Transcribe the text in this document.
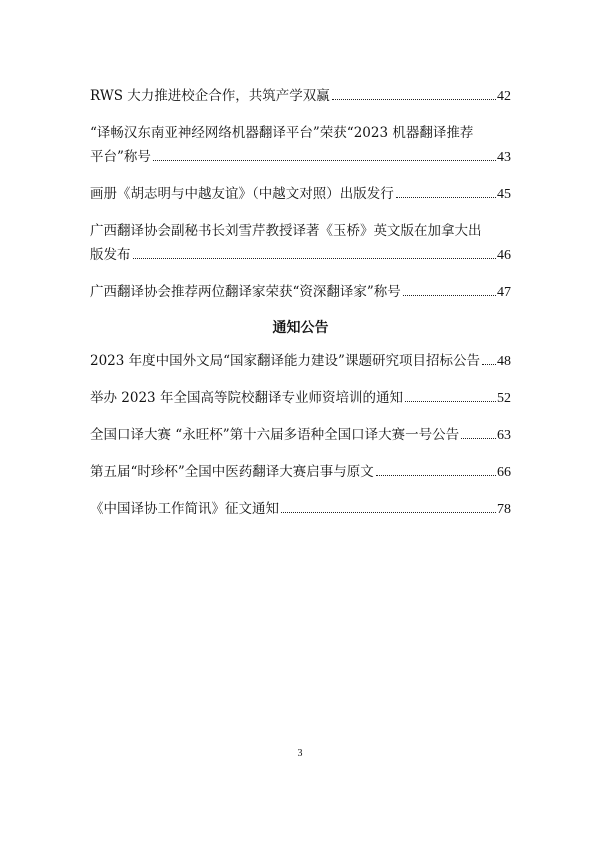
RWS 大力推进校企合作，共筑产学双赢	42
“译畅汉东南亚神经网络机器翻译平台”荣获“2023 机器翻译推荐
平台”称号	43
画册《胡志明与中越友谊》（中越文对照）出版发行	45
广西翻译协会副秘书长刘雪芹教授译著《玉桥》英文版在加拿大出
版发布	46
广西翻译协会推荐两位翻译家荣获“资深翻译家”称号	47
通知公告
2023 年度中国外文局“国家翻译能力建设”课题研究项目招标公告 48
举办 2023 年全国高等院校翻译专业师资培训的通知	52
全国口译大赛 “永旺杯”第十六届多语种全国口译大赛一号公告	63
第五届“时珍杯”全国中医药翻译大赛启事与原文	66
《中国译协工作简讯》征文通知	78
3
